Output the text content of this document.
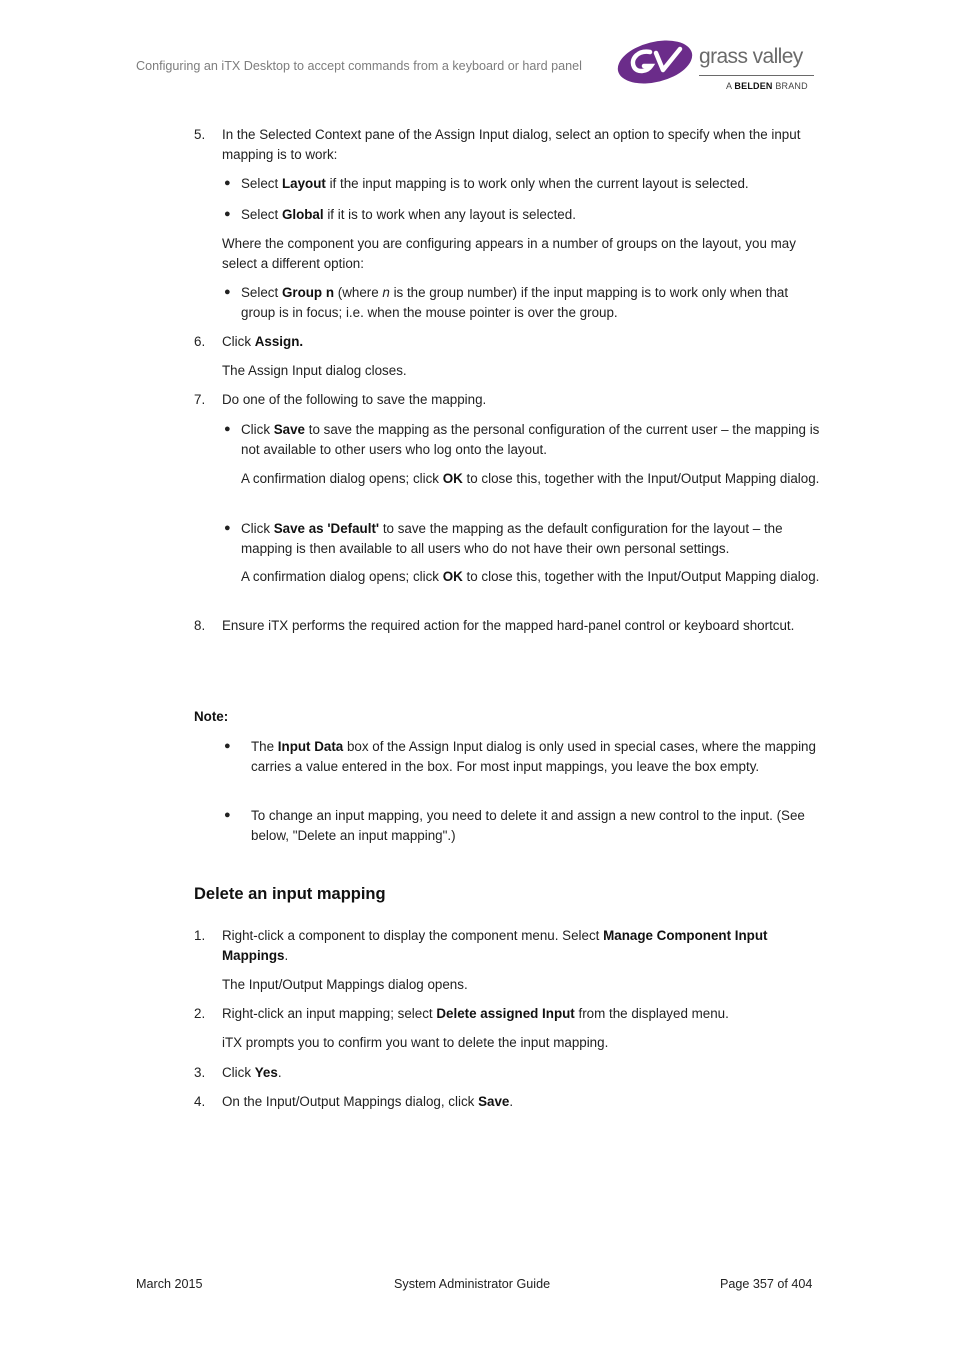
Configuring an iTX Desktop to accept commands from a keyboard or hard panel	grass valley
A BELDEN BRAND
5.	In the Selected Context pane of the Assign Input dialog, select an option to specify when the input mapping is to work:
● Select Layout if the input mapping is to work only when the current layout is selected.
● Select Global if it is to work when any layout is selected.
Where the component you are configuring appears in a number of groups on the layout, you may select a different option:
● Select Group n (where n is the group number) if the input mapping is to work only when that group is in focus; i.e. when the mouse pointer is over the group.
6.	Click Assign.
The Assign Input dialog closes.
7.	Do one of the following to save the mapping.
● Click Save to save the mapping as the personal configuration of the current user – the mapping is not available to other users who log onto the layout.
A confirmation dialog opens; click OK to close this, together with the Input/Output Mapping dialog.
● Click Save as 'Default' to save the mapping as the default configuration for the layout – the mapping is then available to all users who do not have their own personal settings.
A confirmation dialog opens; click OK to close this, together with the Input/Output Mapping dialog.
8.	Ensure iTX performs the required action for the mapped hard-panel control or keyboard shortcut.
Note:
● The Input Data box of the Assign Input dialog is only used in special cases, where the mapping carries a value entered in the box. For most input mappings, you leave the box empty.
● To change an input mapping, you need to delete it and assign a new control to the input. (See below, "Delete an input mapping".)
Delete an input mapping
1.	Right-click a component to display the component menu. Select Manage Component Input Mappings.
The Input/Output Mappings dialog opens.
2.	Right-click an input mapping; select Delete assigned Input from the displayed menu.
iTX prompts you to confirm you want to delete the input mapping.
3.	Click Yes.
4.	On the Input/Output Mappings dialog, click Save.
March 2015	System Administrator Guide	Page 357 of 404
